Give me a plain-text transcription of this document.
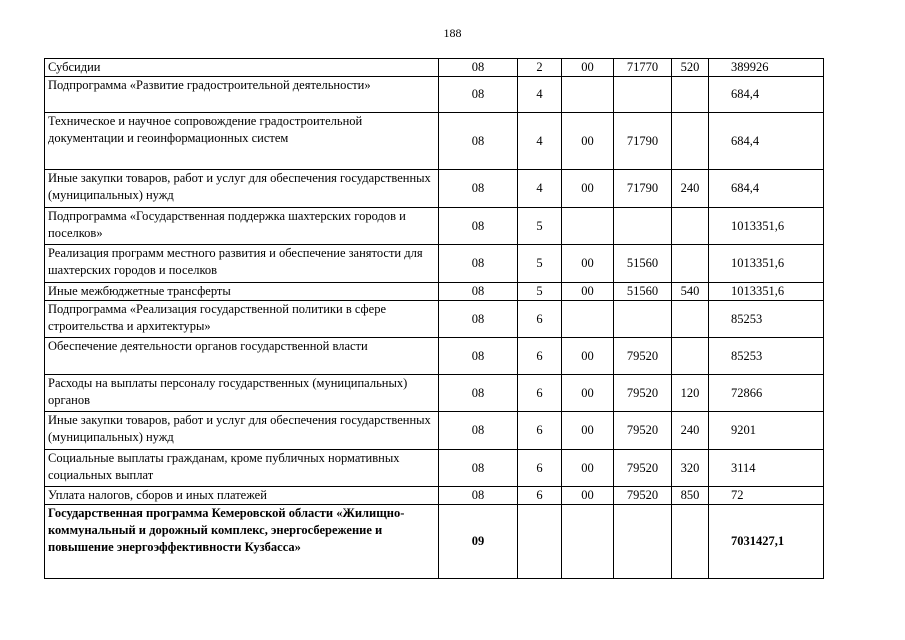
188
Субсидии	08	2	00	71770	520	389926
Подпрограмма «Развитие градостроительной деятельности»	08	4				684,4
Техническое и научное сопровождение градостроительной документации и геоинформационных систем	08	4	00	71790		684,4
Иные закупки товаров, работ и услуг для обеспечения государственных (муниципальных) нужд	08	4	00	71790	240	684,4
Подпрограмма «Государственная поддержка шахтерских городов и поселков»	08	5				1013351,6
Реализация программ местного развития и обеспечение занятости для шахтерских городов и поселков	08	5	00	51560		1013351,6
Иные межбюджетные трансферты	08	5	00	51560	540	1013351,6
Подпрограмма «Реализация государственной политики в сфере строительства и архитектуры»	08	6				85253
Обеспечение деятельности органов государственной власти	08	6	00	79520		85253
Расходы на выплаты персоналу государственных (муниципальных) органов	08	6	00	79520	120	72866
Иные закупки товаров, работ и услуг для обеспечения государственных (муниципальных) нужд	08	6	00	79520	240	9201
Социальные выплаты гражданам, кроме публичных нормативных социальных выплат	08	6	00	79520	320	3114
Уплата налогов, сборов и иных платежей	08	6	00	79520	850	72
Государственная программа Кемеровской области «Жилищно-коммунальный и дорожный комплекс, энергосбережение и повышение энергоэффективности Кузбасса»	09					7031427,1
